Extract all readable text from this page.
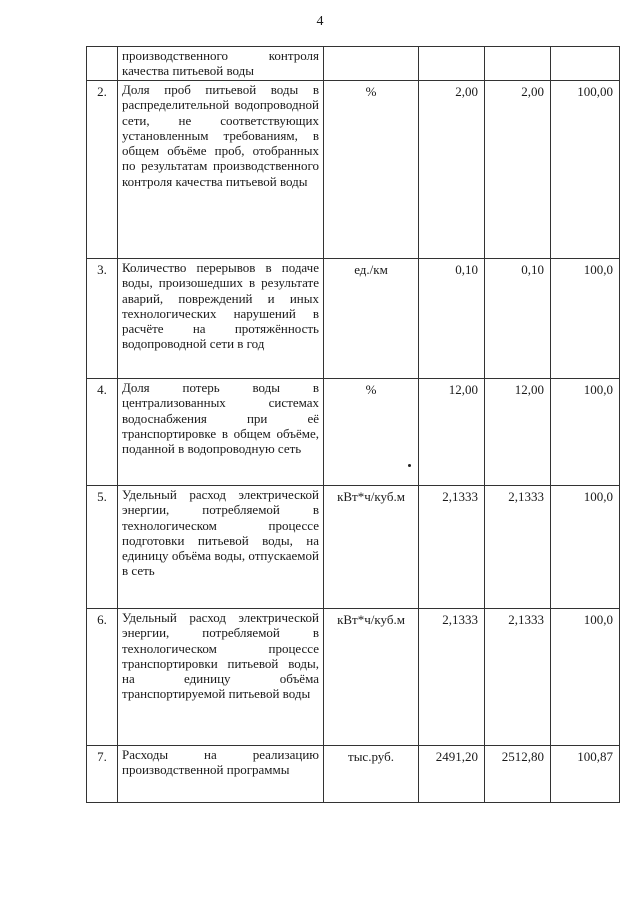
4
	производственного контроля качества питьевой воды				
2.	Доля проб питьевой воды в распределительной водопроводной сети, не соответствующих установленным требованиям, в общем объёме проб, отобранных по результатам производственного контроля качества питьевой воды	%	2,00	2,00	100,00
3.	Количество перерывов в подаче воды, произошедших в результате аварий, повреждений и иных технологических нарушений в расчёте на протяжённость водопроводной сети в год	ед./км	0,10	0,10	100,0
4.	Доля потерь воды в централизованных системах водоснабжения при её транспортировке в общем объёме, поданной в водопроводную сеть	%	12,00	12,00	100,0
5.	Удельный расход электрической энергии, потребляемой в технологическом процессе подготовки питьевой воды, на единицу объёма воды, отпускаемой в сеть	кВт*ч/куб.м	2,1333	2,1333	100,0
6.	Удельный расход электрической энергии, потребляемой в технологическом процессе транспортировки питьевой воды, на единицу объёма транспортируемой питьевой воды	кВт*ч/куб.м	2,1333	2,1333	100,0
7.	Расходы на реализацию производственной программы	тыс.руб.	2491,20	2512,80	100,87
